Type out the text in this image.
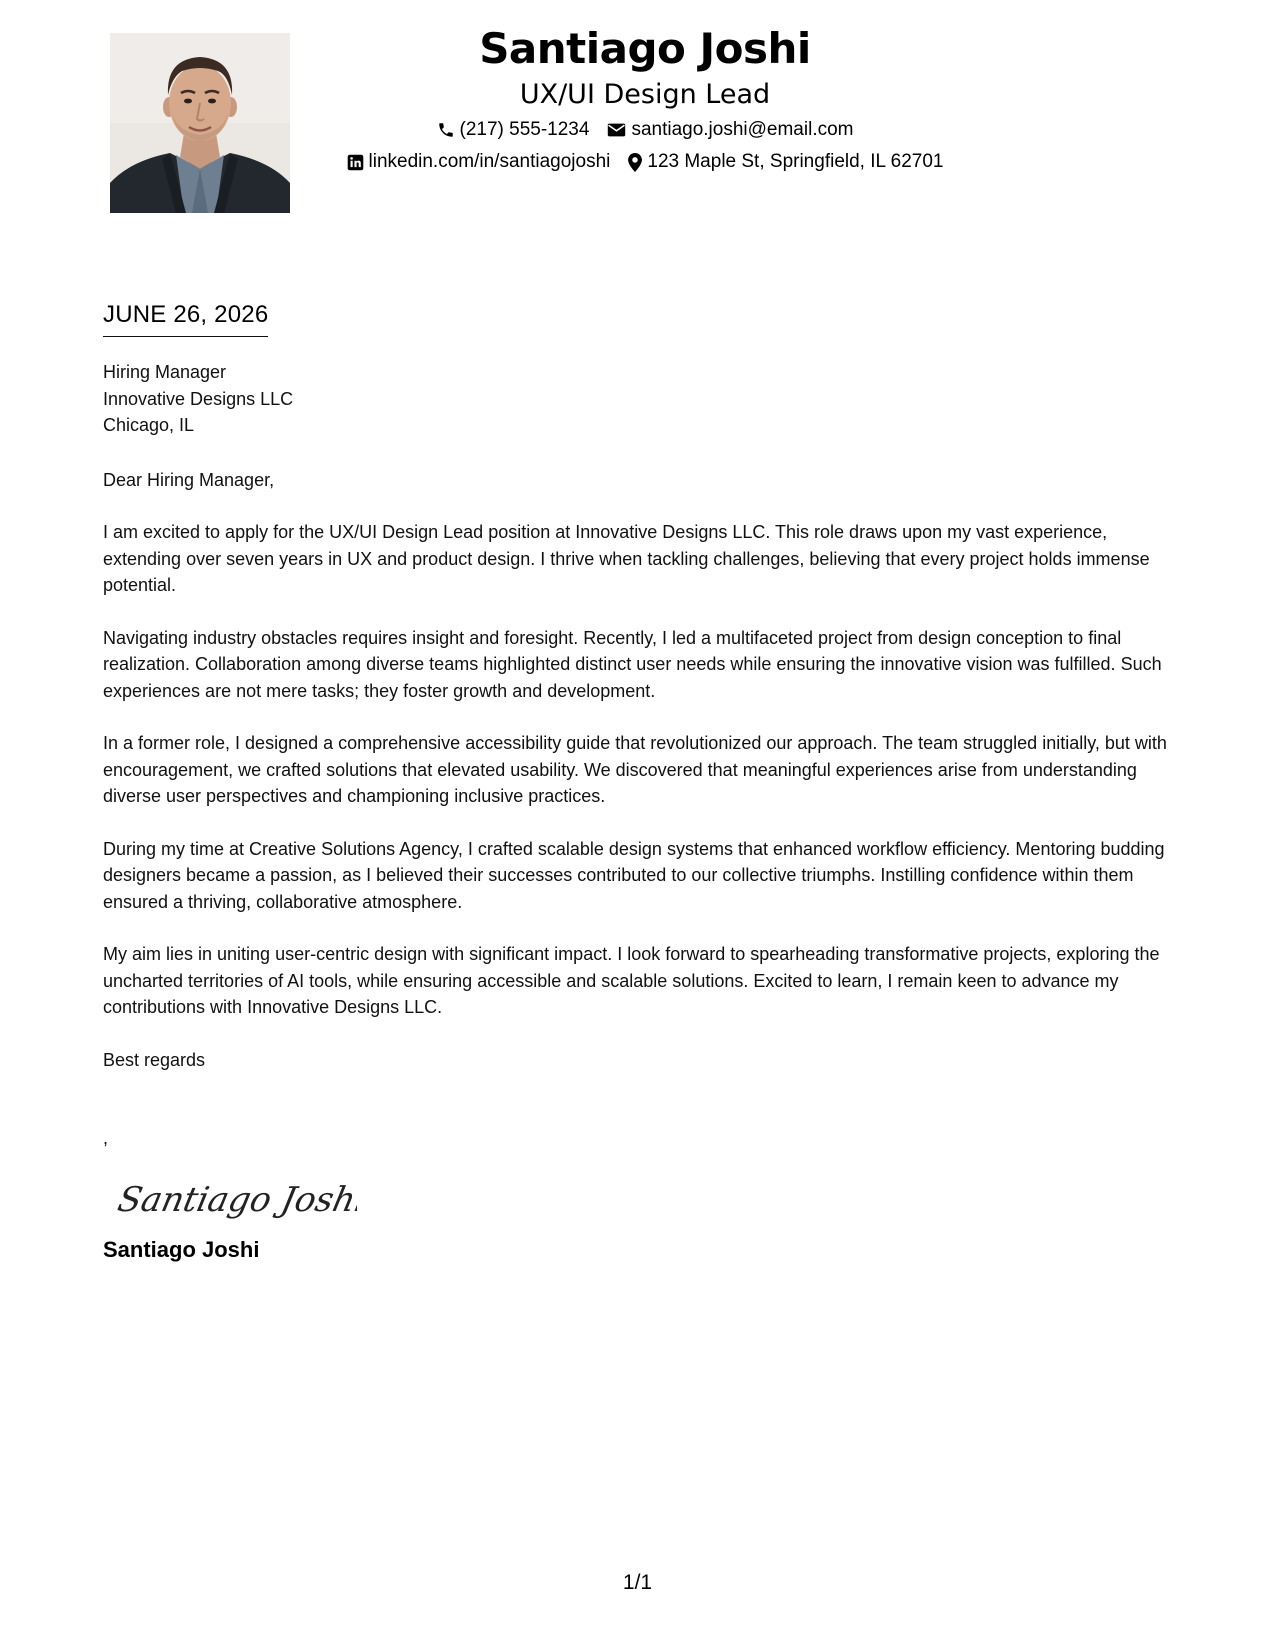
Santiago Joshi
UX/UI Design Lead
(217) 555-1234 santiago.joshi@email.com
linkedin.com/in/santiagojoshi 123 Maple St, Springfield, IL 62701
JUNE 26, 2026
Hiring Manager
Innovative Designs LLC
Chicago, IL
Dear Hiring Manager,
I am excited to apply for the UX/UI Design Lead position at Innovative Designs LLC. This role draws upon my vast experience, extending over seven years in UX and product design. I thrive when tackling challenges, believing that every project holds immense potential.
Navigating industry obstacles requires insight and foresight. Recently, I led a multifaceted project from design conception to final realization. Collaboration among diverse teams highlighted distinct user needs while ensuring the innovative vision was fulfilled. Such experiences are not mere tasks; they foster growth and development.
In a former role, I designed a comprehensive accessibility guide that revolutionized our approach. The team struggled initially, but with encouragement, we crafted solutions that elevated usability. We discovered that meaningful experiences arise from understanding diverse user perspectives and championing inclusive practices.
During my time at Creative Solutions Agency, I crafted scalable design systems that enhanced workflow efficiency. Mentoring budding designers became a passion, as I believed their successes contributed to our collective triumphs. Instilling confidence within them ensured a thriving, collaborative atmosphere.
My aim lies in uniting user-centric design with significant impact. I look forward to spearheading transformative projects, exploring the uncharted territories of AI tools, while ensuring accessible and scalable solutions. Excited to learn, I remain keen to advance my contributions with Innovative Designs LLC.
Best regards
,
Santiago Joshi
Santiago Joshi
1/1
